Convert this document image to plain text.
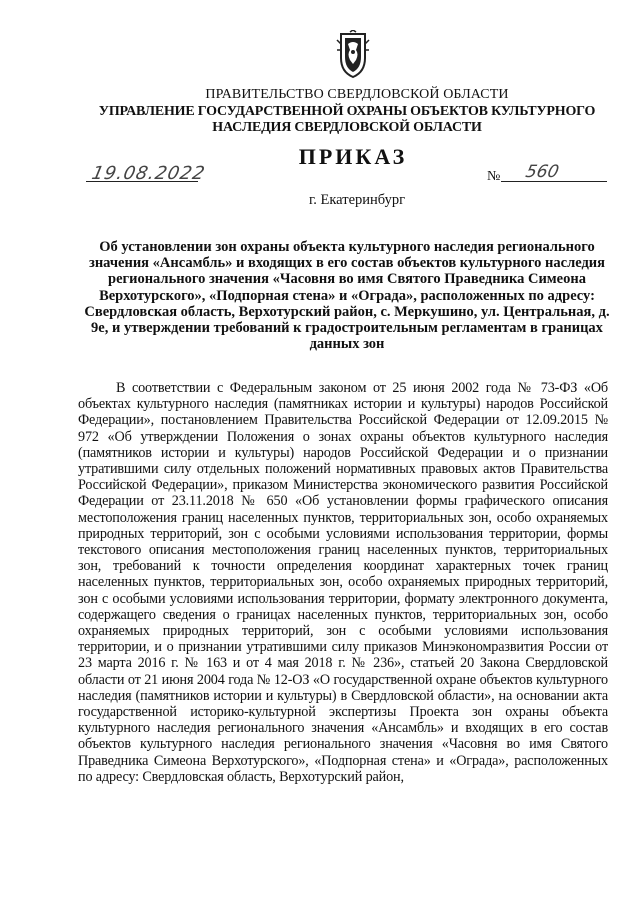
ПРАВИТЕЛЬСТВО СВЕРДЛОВСКОЙ ОБЛАСТИ
УПРАВЛЕНИЕ ГОСУДАРСТВЕННОЙ ОХРАНЫ ОБЪЕКТОВ КУЛЬТУРНОГО НАСЛЕДИЯ СВЕРДЛОВСКОЙ ОБЛАСТИ
ПРИКАЗ
19.08.2022	№ 560
г. Екатеринбург
Об установлении зон охраны объекта культурного наследия регионального значения «Ансамбль» и входящих в его состав объектов культурного наследия регионального значения «Часовня во имя Святого Праведника Симеона Верхотурского», «Подпорная стена» и «Ограда», расположенных по адресу: Свердловская область, Верхотурский район, с. Меркушино, ул. Центральная, д. 9е, и утверждении требований к градостроительным регламентам в границах данных зон
В соответствии с Федеральным законом от 25 июня 2002 года № 73-ФЗ «Об объектах культурного наследия (памятниках истории и культуры) народов Российской Федерации», постановлением Правительства Российской Федерации от 12.09.2015 № 972 «Об утверждении Положения о зонах охраны объектов культурного наследия (памятников истории и культуры) народов Российской Федерации и о признании утратившими силу отдельных положений нормативных правовых актов Правительства Российской Федерации», приказом Министерства экономического развития Российской Федерации от 23.11.2018 № 650 «Об установлении формы графического описания местоположения границ населенных пунктов, территориальных зон, особо охраняемых природных территорий, зон с особыми условиями использования территории, формы текстового описания местоположения границ населенных пунктов, территориальных зон, требований к точности определения координат характерных точек границ населенных пунктов, территориальных зон, особо охраняемых природных территорий, зон с особыми условиями использования территории, формату электронного документа, содержащего сведения о границах населенных пунктов, территориальных зон, особо охраняемых природных территорий, зон с особыми условиями использования территории, и о признании утратившими силу приказов Минэкономразвития России от 23 марта 2016 г. № 163 и от 4 мая 2018 г. № 236», статьей 20 Закона Свердловской области от 21 июня 2004 года № 12-ОЗ «О государственной охране объектов культурного наследия (памятников истории и культуры) в Свердловской области», на основании акта государственной историко-культурной экспертизы Проекта зон охраны объекта культурного наследия регионального значения «Ансамбль» и входящих в его состав объектов культурного наследия регионального значения «Часовня во имя Святого Праведника Симеона Верхотурского», «Подпорная стена» и «Ограда», расположенных по адресу: Свердловская область, Верхотурский район,
